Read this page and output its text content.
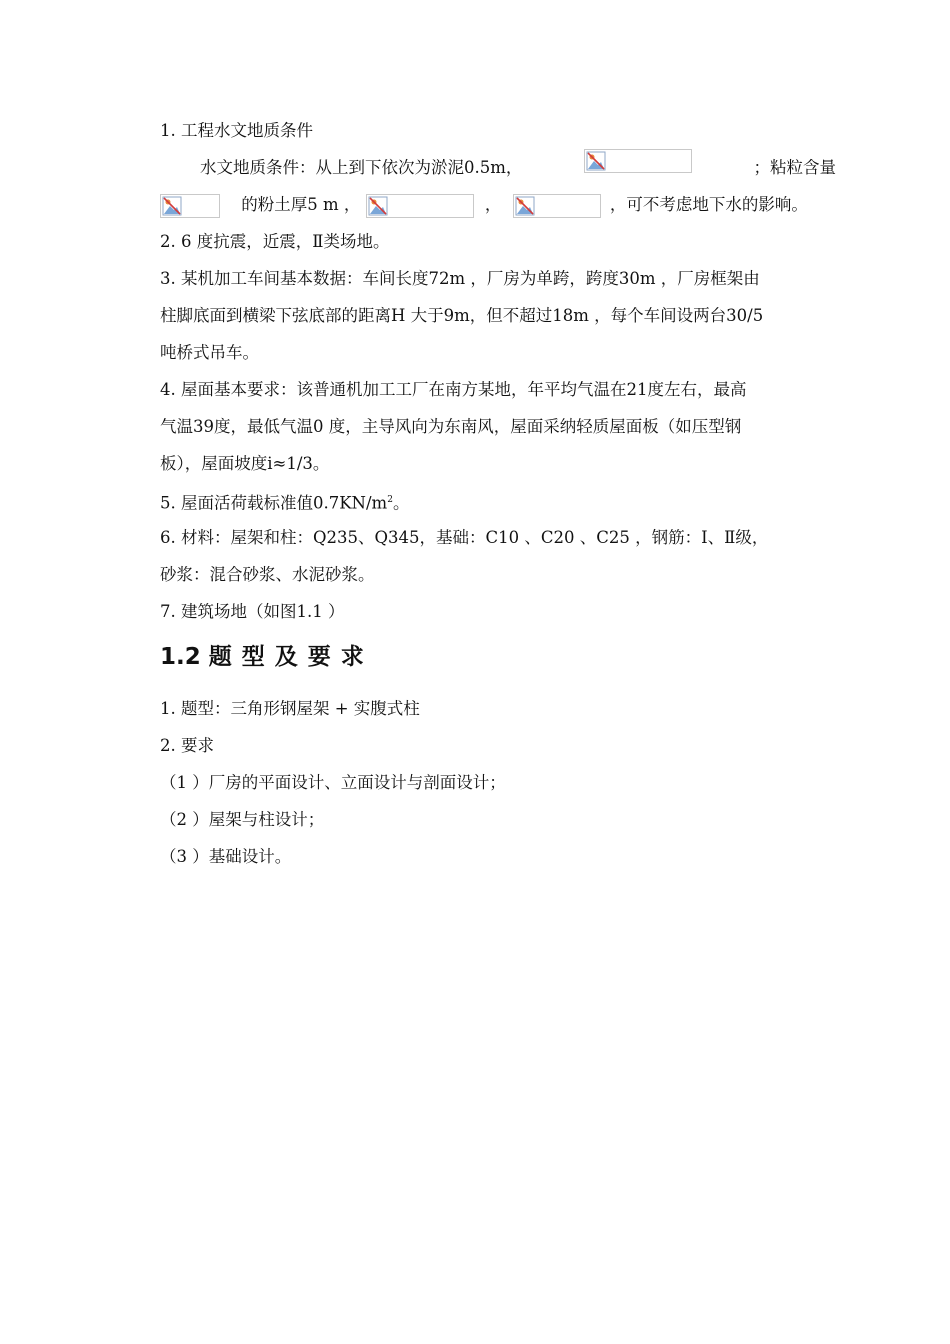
1. 工程水文地质条件
水文地质条件：从上到下依次为淤泥0.5m，	；粘粒含量
的粉土厚5 m ，	，	，可不考虑地下水的影响。
2. 6 度抗震，近震，Ⅱ类场地。
3. 某机加工车间基本数据：车间长度72m ，厂房为单跨，跨度30m ，厂房框架由
柱脚底面到横梁下弦底部的距离H 大于9m，但不超过18m ，每个车间设两台30/5
吨桥式吊车。
4. 屋面基本要求：该普通机加工工厂在南方某地，年平均气温在21度左右，最高
气温39度，最低气温0 度，主导风向为东南风，屋面采纳轻质屋面板（如压型钢
板），屋面坡度i≈1/3。
5. 屋面活荷载标准值$0.7KN/m^2$。
6. 材料：屋架和柱：Q235、Q345，基础：C10 、C20 、C25 ，钢筋：Ⅰ、Ⅱ级，
砂浆：混合砂浆、水泥砂浆。
7. 建筑场地（如图1.1 ）
1.2 题型及要求
1. 题型：三角形钢屋架 + 实腹式柱
2. 要求
（1 ）厂房的平面设计、立面设计与剖面设计；
（2 ）屋架与柱设计；
（3 ）基础设计。
